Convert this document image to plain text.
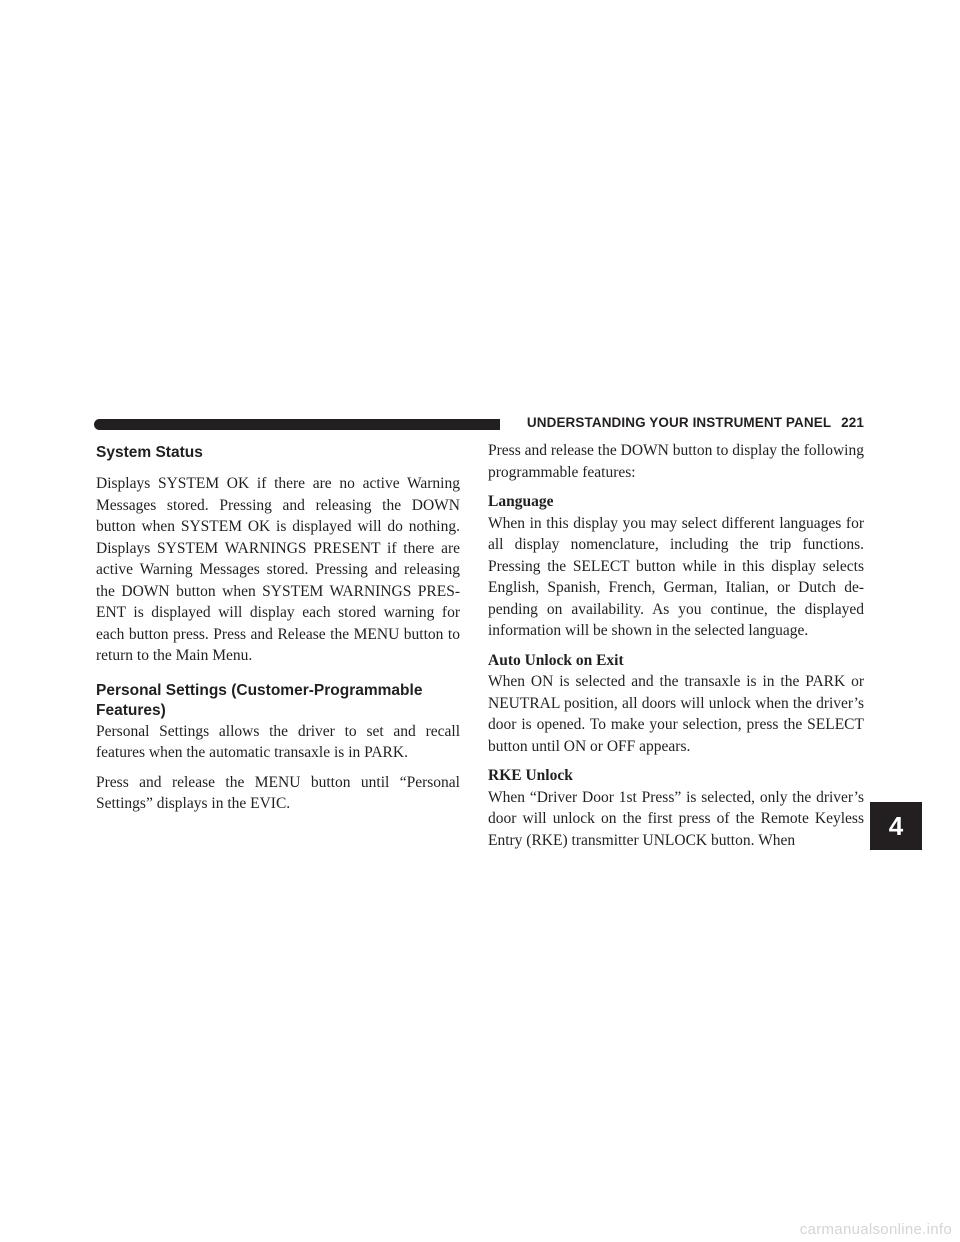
UNDERSTANDING YOUR INSTRUMENT PANEL 221
System Status

Displays SYSTEM OK if there are no active Warning Messages stored. Pressing and releasing the DOWN button when SYSTEM OK is displayed will do nothing. Displays SYSTEM WARNINGS PRESENT if there are active Warning Messages stored. Pressing and releasing the DOWN button when SYSTEM WARNINGS PRES-ENT is displayed will display each stored warning for each button press. Press and Release the MENU button to return to the Main Menu.

Personal Settings (Customer-Programmable Features)

Personal Settings allows the driver to set and recall features when the automatic transaxle is in PARK.

Press and release the MENU button until “Personal Settings” displays in the EVIC.

Press and release the DOWN button to display the following programmable features:

Language

When in this display you may select different languages for all display nomenclature, including the trip functions. Pressing the SELECT button while in this display selects English, Spanish, French, German, Italian, or Dutch de-pending on availability. As you continue, the displayed information will be shown in the selected language.

Auto Unlock on Exit

When ON is selected and the transaxle is in the PARK or NEUTRAL position, all doors will unlock when the driver’s door is opened. To make your selection, press the SELECT button until ON or OFF appears.

RKE Unlock

When “Driver Door 1st Press” is selected, only the driver’s door will unlock on the first press of the Remote Keyless Entry (RKE) transmitter UNLOCK button. When	4
carmanualsonline.info
